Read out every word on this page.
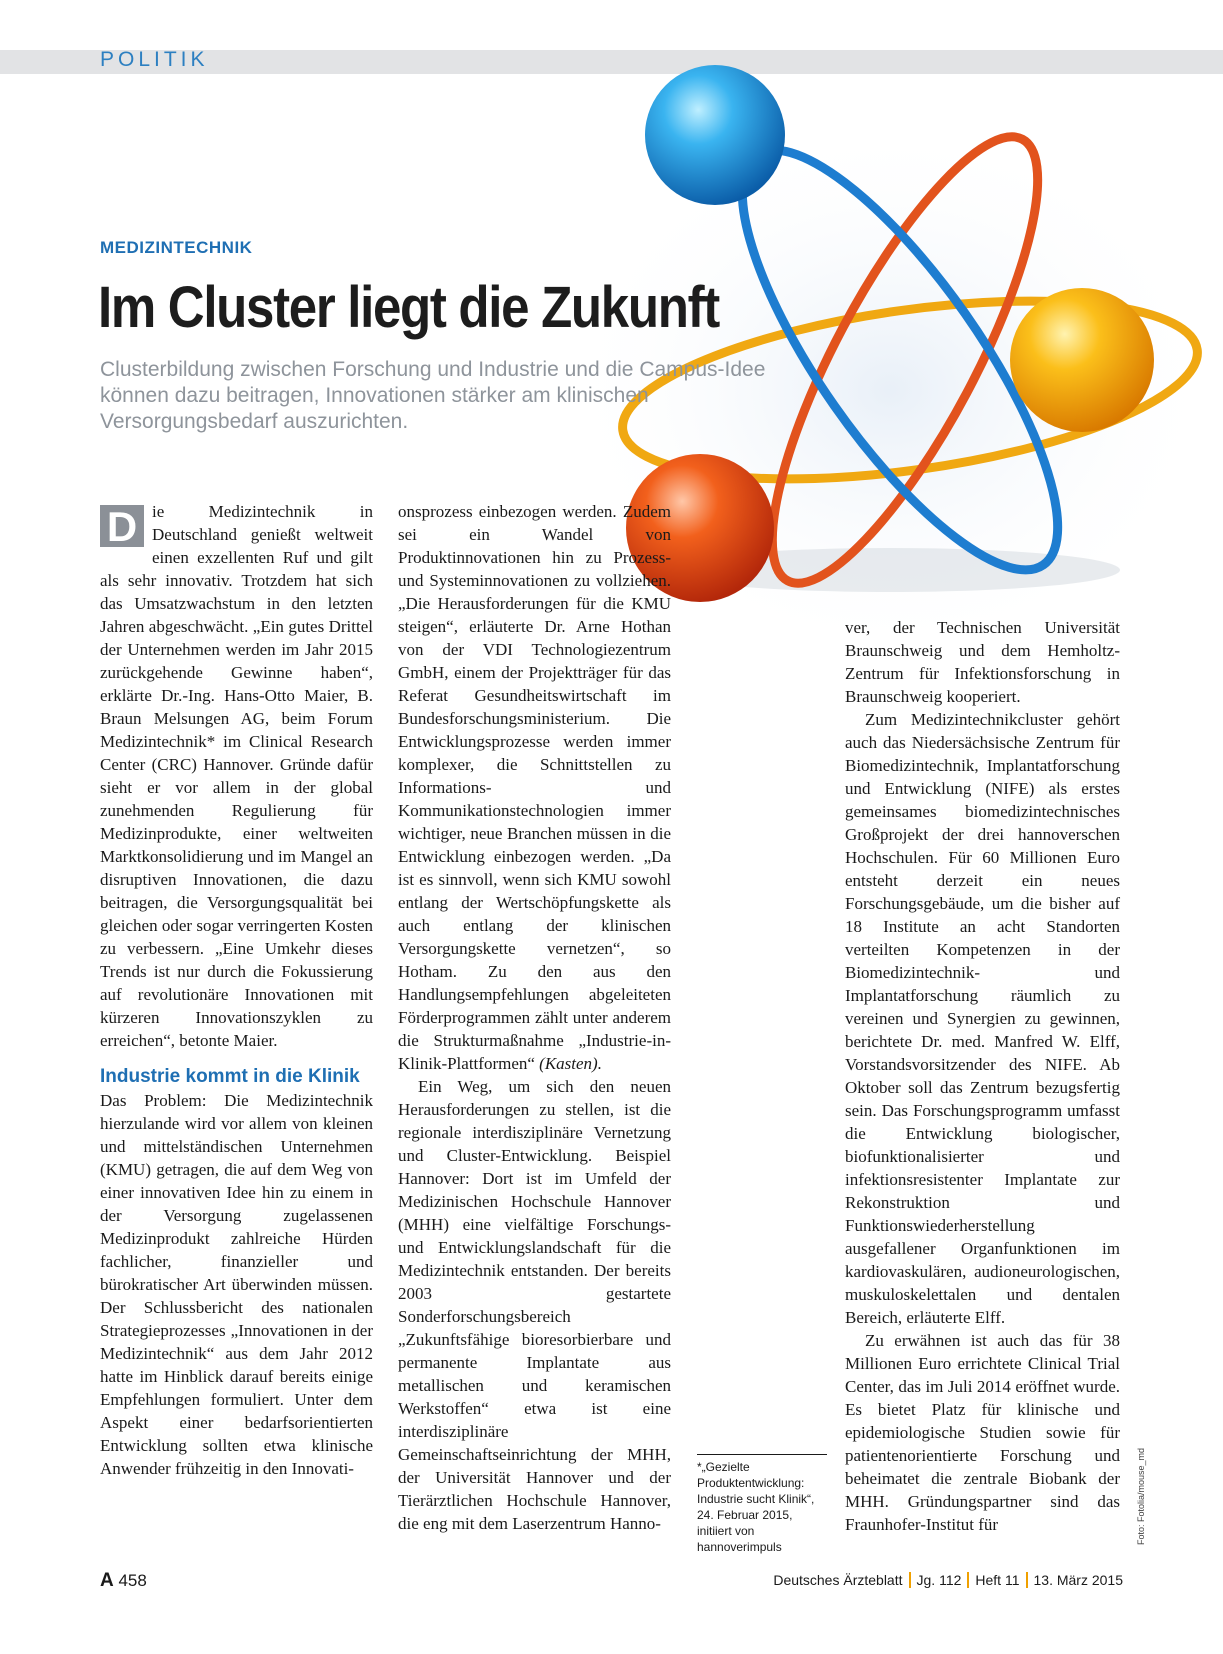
POLITIK
MEDIZINTECHNIK
Im Cluster liegt die Zukunft
Clusterbildung zwischen Forschung und Industrie und die Campus-Idee können dazu beitragen, Innovationen stärker am klinischen Versorgungsbedarf auszurichten.
D ie Medizintechnik in Deutschland genießt weltweit einen exzellenten Ruf und gilt als sehr innovativ. Trotzdem hat sich das Umsatzwachstum in den letzten Jahren abgeschwächt. „Ein gutes Drittel der Unternehmen werden im Jahr 2015 zurückgehende Gewinne haben“, erklärte Dr.-Ing. Hans-Otto Maier, B. Braun Melsungen AG, beim Forum Medizintechnik* im Clinical Research Center (CRC) Hannover. Gründe dafür sieht er vor allem in der global zunehmenden Regulierung für Medizinprodukte, einer weltweiten Marktkonsolidierung und im Mangel an disruptiven Innovationen, die dazu beitragen, die Versorgungsqualität bei gleichen oder sogar verringerten Kosten zu verbessern. „Eine Umkehr dieses Trends ist nur durch die Fokussierung auf revolutionäre Innovationen mit kürzeren Innovationszyklen zu erreichen“, betonte Maier.

Industrie kommt in die Klinik

Das Problem: Die Medizintechnik hierzulande wird vor allem von kleinen und mittelständischen Unternehmen (KMU) getragen, die auf dem Weg von einer innovativen Idee hin zu einem in der Versorgung zugelassenen Medizinprodukt zahlreiche Hürden fachlicher, finanzieller und bürokratischer Art überwinden müssen. Der Schlussbericht des nationalen Strategieprozesses „Innovationen in der Medizintechnik“ aus dem Jahr 2012 hatte im Hinblick darauf bereits einige Empfehlungen formuliert. Unter dem Aspekt einer bedarfsorientierten Entwicklung sollten etwa klinische Anwender frühzeitig in den Innovati-

onsprozess einbezogen werden. Zudem sei ein Wandel von Produktinnovationen hin zu Prozess- und Systeminnovationen zu vollziehen. „Die Herausforderungen für die KMU steigen“, erläuterte Dr. Arne Hothan von der VDI Technologiezentrum GmbH, einem der Projektträger für das Referat Gesundheitswirtschaft im Bundesforschungsministerium. Die Entwicklungsprozesse werden immer komplexer, die Schnittstellen zu Informations- und Kommunikationstechnologien immer wichtiger, neue Branchen müssen in die Entwicklung einbezogen werden. „Da ist es sinnvoll, wenn sich KMU sowohl entlang der Wertschöpfungskette als auch entlang der klinischen Versorgungskette vernetzen“, so Hotham. Zu den aus den Handlungsempfehlungen abgeleiteten Förderprogrammen zählt unter anderem die Strukturmaßnahme „Industrie-in-Klinik-Plattformen“ (Kasten).

Ein Weg, um sich den neuen Herausforderungen zu stellen, ist die regionale interdisziplinäre Vernetzung und Cluster-Entwicklung. Beispiel Hannover: Dort ist im Umfeld der Medizinischen Hochschule Hannover (MHH) eine vielfältige Forschungs- und Entwicklungslandschaft für die Medizintechnik entstanden. Der bereits 2003 gestartete Sonderforschungsbereich „Zukunftsfähige bioresorbierbare und permanente Implantate aus metallischen und keramischen Werkstoffen“ etwa ist eine interdisziplinäre Gemeinschaftseinrichtung der MHH, der Universität Hannover und der Tierärztlichen Hochschule Hannover, die eng mit dem Laserzentrum Hanno-

ver, der Technischen Universität Braunschweig und dem Hemholtz-Zentrum für Infektionsforschung in Braunschweig kooperiert.

Zum Medizintechnikcluster gehört auch das Niedersächsische Zentrum für Biomedizintechnik, Implantatforschung und Entwicklung (NIFE) als erstes gemeinsames biomedizintechnisches Großprojekt der drei hannoverschen Hochschulen. Für 60 Millionen Euro entsteht derzeit ein neues Forschungsgebäude, um die bisher auf 18 Institute an acht Standorten verteilten Kompetenzen in der Biomedizintechnik- und Implantatforschung räumlich zu vereinen und Synergien zu gewinnen, berichtete Dr. med. Manfred W. Elff, Vorstandsvorsitzender des NIFE. Ab Oktober soll das Zentrum bezugsfertig sein. Das Forschungsprogramm umfasst die Entwicklung biologischer, biofunktionalisierter und infektionsresistenter Implantate zur Rekonstruktion und Funktionswiederherstellung ausgefallener Organfunktionen im kardiovaskulären, audioneurologischen, muskuloskelettalen und dentalen Bereich, erläuterte Elff.

Zu erwähnen ist auch das für 38 Millionen Euro errichtete Clinical Trial Center, das im Juli 2014 eröffnet wurde. Es bietet Platz für klinische und epidemiologische Studien sowie für patientenorientierte Forschung und beheimatet die zentrale Biobank der MHH. Gründungspartner sind das Fraunhofer-Institut für

*„Gezielte Produktentwicklung: Industrie sucht Klinik“, 24. Februar 2015, initiiert von hannoverimpuls
Foto: Fotolia/mouse_md
A 458	Deutsches Ärzteblatt Jg. 112 Heft 11 13. März 2015
